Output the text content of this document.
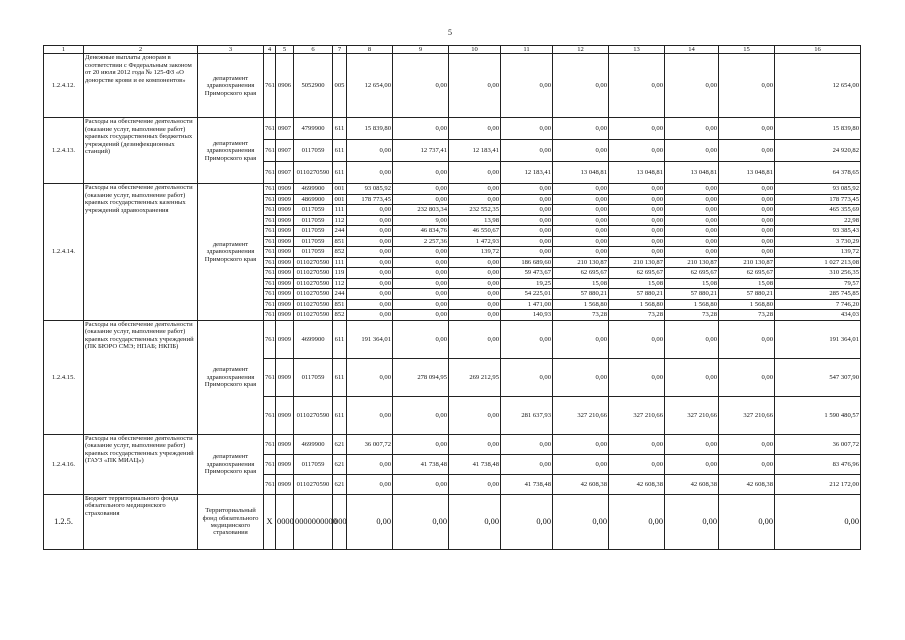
5
1	2	3	4	5	6	7	8	9	10	11	12	13	14	15	16
1.2.4.12.	Денежные выплаты донорам в соответствии с Федеральным законом от 20 июля 2012 года № 125-ФЗ «О донорстве крови и ее компонентов»	департамент здравоохранения Приморского края	761	0906	5052900	005	12 654,00	0,00	0,00	0,00	0,00	0,00	0,00	0,00	12 654,00
1.2.4.13.	Расходы на обеспечение деятельности (оказание услуг, выполнение работ) краевых государственных бюджетных учреждений (дезинфекционных станций)	департамент здравоохранения Приморского края	761	0907	4799900	611	15 839,80	0,00	0,00	0,00	0,00	0,00	0,00	0,00	15 839,80
			761	0907	0117059	611	0,00	12 737,41	12 183,41	0,00	0,00	0,00	0,00	0,00	24 920,82
			761	0907	0110270590	611	0,00	0,00	0,00	12 183,41	13 048,81	13 048,81	13 048,81	13 048,81	64 378,65
1.2.4.14.	Расходы на обеспечение деятельности (оказание услуг, выполнение работ) краевых государственных казенных учреждений здравоохранения	департамент здравоохранения Приморского края	761	0909	4699900	001	93 085,92	0,00	0,00	0,00	0,00	0,00	0,00	0,00	93 085,92
			761	0909	4869900	001	178 773,45	0,00	0,00	0,00	0,00	0,00	0,00	0,00	178 773,45
			761	0909	0117059	111	0,00	232 803,34	232 552,35	0,00	0,00	0,00	0,00	0,00	465 355,69
			761	0909	0117059	112	0,00	9,00	13,98	0,00	0,00	0,00	0,00	0,00	22,98
			761	0909	0117059	244	0,00	46 834,76	46 550,67	0,00	0,00	0,00	0,00	0,00	93 385,43
			761	0909	0117059	851	0,00	2 257,36	1 472,93	0,00	0,00	0,00	0,00	0,00	3 730,29
			761	0909	0117059	852	0,00	0,00	139,72	0,00	0,00	0,00	0,00	0,00	139,72
			761	0909	0110270590	111	0,00	0,00	0,00	186 689,60	210 130,87	210 130,87	210 130,87	210 130,87	1 027 213,08
			761	0909	0110270590	119	0,00	0,00	0,00	59 473,67	62 695,67	62 695,67	62 695,67	62 695,67	310 256,35
			761	0909	0110270590	112	0,00	0,00	0,00	19,25	15,08	15,08	15,08	15,08	79,57
			761	0909	0110270590	244	0,00	0,00	0,00	54 225,01	57 880,21	57 880,21	57 880,21	57 880,21	285 745,85
			761	0909	0110270590	851	0,00	0,00	0,00	1 471,00	1 568,80	1 568,80	1 568,80	1 568,80	7 746,20
			761	0909	0110270590	852	0,00	0,00	0,00	140,93	73,28	73,28	73,28	73,28	434,03
1.2.4.15.	Расходы на обеспечение деятельности (оказание услуг, выполнение работ) краевых государственных учреждений (ПК БЮРО СМЭ; НПАБ; НКПБ)	департамент здравоохранения Приморского края	761	0909	4699900	611	191 364,01	0,00	0,00	0,00	0,00	0,00	0,00	0,00	191 364,01
			761	0909	0117059	611	0,00	278 094,95	269 212,95	0,00	0,00	0,00	0,00	0,00	547 307,90
			761	0909	0110270590	611	0,00	0,00	0,00	281 637,93	327 210,66	327 210,66	327 210,66	327 210,66	1 590 480,57
1.2.4.16.	Расходы на обеспечение деятельности (оказание услуг, выполнение работ) краевых государственных учреждений (ГАУЗ «ПК МИАЦ»)	департамент здравоохранения Приморского края	761	0909	4699900	621	36 007,72	0,00	0,00	0,00	0,00	0,00	0,00	0,00	36 007,72
			761	0909	0117059	621	0,00	41 738,48	41 738,48	0,00	0,00	0,00	0,00	0,00	83 476,96
			761	0909	0110270590	621	0,00	0,00	0,00	41 738,48	42 608,38	42 608,38	42 608,38	42 608,38	212 172,00
1.2.5.	Бюджет территориального фонда обязательного медицинского страхования	Территориальный фонд обязательного медицинского страхования	X	0000	0000000000	000	0,00	0,00	0,00	0,00	0,00	0,00	0,00	0,00	0,00
